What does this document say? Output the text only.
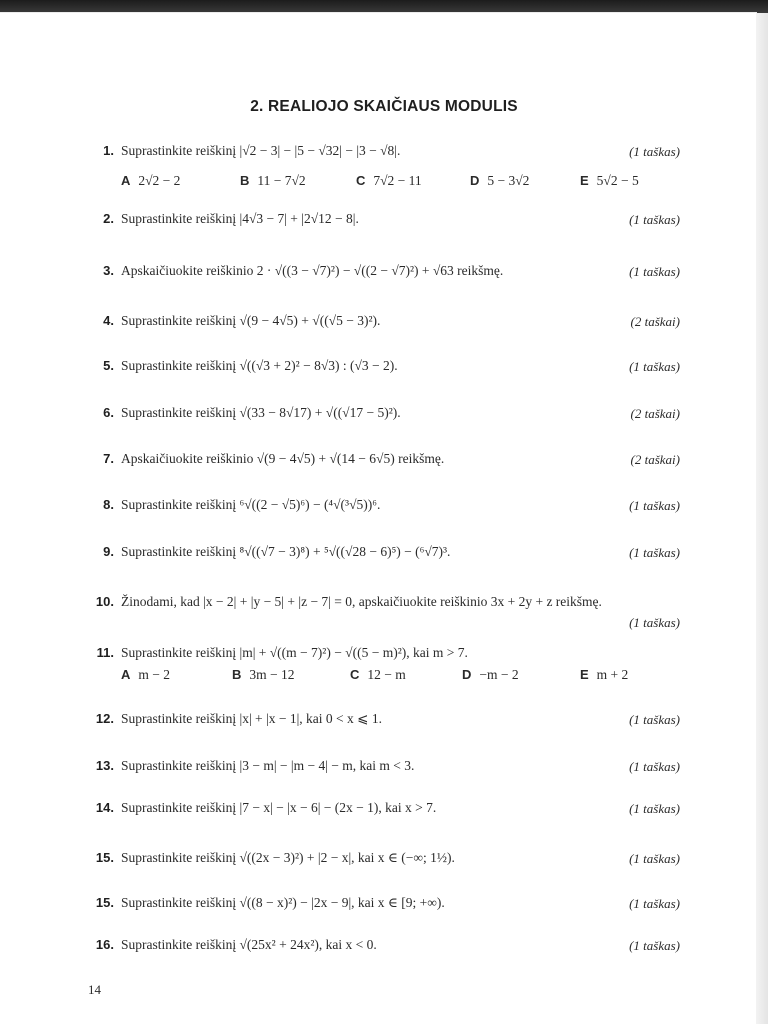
2. REALIOJO SKAIČIAUS MODULIS
1. Suprastinkite reiškinį |√2 − 3| − |5 − √32| − |3 − √8|.	(1 taškas)
A 2√2 − 2	B 11 − 7√2	C 7√2 − 11	D 5 − 3√2	E 5√2 − 5
2. Suprastinkite reiškinį |4√3 − 7| + |2√12 − 8|.	(1 taškas)
3. Apskaičiuokite reiškinio 2 · √((3 − √7)²) − √((2 − √7)²) + √63 reikšmę.	(1 taškas)
4. Suprastinkite reiškinį √(9 − 4√5) + √((√5 − 3)²).	(2 taškai)
5. Suprastinkite reiškinį √((√3 + 2)² − 8√3) : (√3 − 2).	(1 taškas)
6. Suprastinkite reiškinį √(33 − 8√17) + √((√17 − 5)²).	(2 taškai)
7. Apskaičiuokite reiškinio √(9 − 4√5) + √(14 − 6√5) reikšmę.	(2 taškai)
8. Suprastinkite reiškinį ⁶√((2 − √5)⁶) − (⁴√(³√5))⁶.	(1 taškas)
9. Suprastinkite reiškinį ⁸√((√7 − 3)⁸) + ⁵√((√28 − 6)⁵) − (⁶√7)³.	(1 taškas)
10. Žinodami, kad |x − 2| + |y − 5| + |z − 7| = 0, apskaičiuokite reiškinio 3x + 2y + z reikšmę.
(1 taškas)
11. Suprastinkite reiškinį |m| + √((m − 7)²) − √((5 − m)²), kai m > 7.
A m − 2	B 3m − 12	C 12 − m	D −m − 2	E m + 2
12. Suprastinkite reiškinį |x| + |x − 1|, kai 0 < x ⩽ 1.	(1 taškas)
13. Suprastinkite reiškinį |3 − m| − |m − 4| − m, kai m < 3.	(1 taškas)
14. Suprastinkite reiškinį |7 − x| − |x − 6| − (2x − 1), kai x > 7.	(1 taškas)
15. Suprastinkite reiškinį √((2x − 3)²) + |2 − x|, kai x ∈ (−∞; 1½).	(1 taškas)
15. Suprastinkite reiškinį √((8 − x)²) − |2x − 9|, kai x ∈ [9; +∞).	(1 taškas)
16. Suprastinkite reiškinį √(25x² + 24x²), kai x < 0.	(1 taškas)
14
